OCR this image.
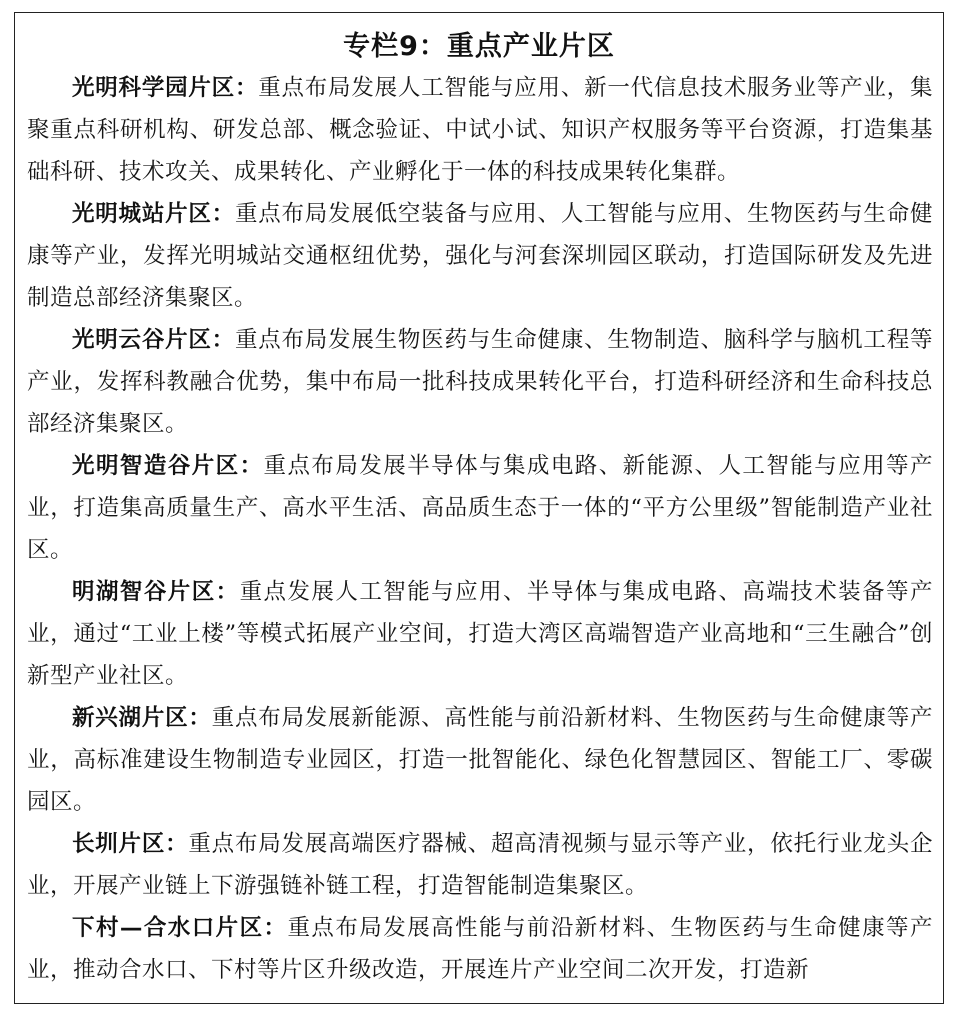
专栏9：重点产业片区

光明科学园片区：重点布局发展人工智能与应用、新一代信息技术服务业等产业，集聚重点科研机构、研发总部、概念验证、中试小试、知识产权服务等平台资源，打造集基础科研、技术攻关、成果转化、产业孵化于一体的科技成果转化集群。

光明城站片区：重点布局发展低空装备与应用、人工智能与应用、生物医药与生命健康等产业，发挥光明城站交通枢纽优势，强化与河套深圳园区联动，打造国际研发及先进制造总部经济集聚区。

光明云谷片区：重点布局发展生物医药与生命健康、生物制造、脑科学与脑机工程等产业，发挥科教融合优势，集中布局一批科技成果转化平台，打造科研经济和生命科技总部经济集聚区。

光明智造谷片区：重点布局发展半导体与集成电路、新能源、人工智能与应用等产业，打造集高质量生产、高水平生活、高品质生态于一体的“平方公里级”智能制造产业社区。

明湖智谷片区：重点发展人工智能与应用、半导体与集成电路、高端技术装备等产业，通过“工业上楼”等模式拓展产业空间，打造大湾区高端智造产业高地和“三生融合”创新型产业社区。

新兴湖片区：重点布局发展新能源、高性能与前沿新材料、生物医药与生命健康等产业，高标准建设生物制造专业园区，打造一批智能化、绿色化智慧园区、智能工厂、零碳园区。

长圳片区：重点布局发展高端医疗器械、超高清视频与显示等产业，依托行业龙头企业，开展产业链上下游强链补链工程，打造智能制造集聚区。

下村—合水口片区：重点布局发展高性能与前沿新材料、生物医药与生命健康等产业，推动合水口、下村等片区升级改造，开展连片产业空间二次开发，打造新
